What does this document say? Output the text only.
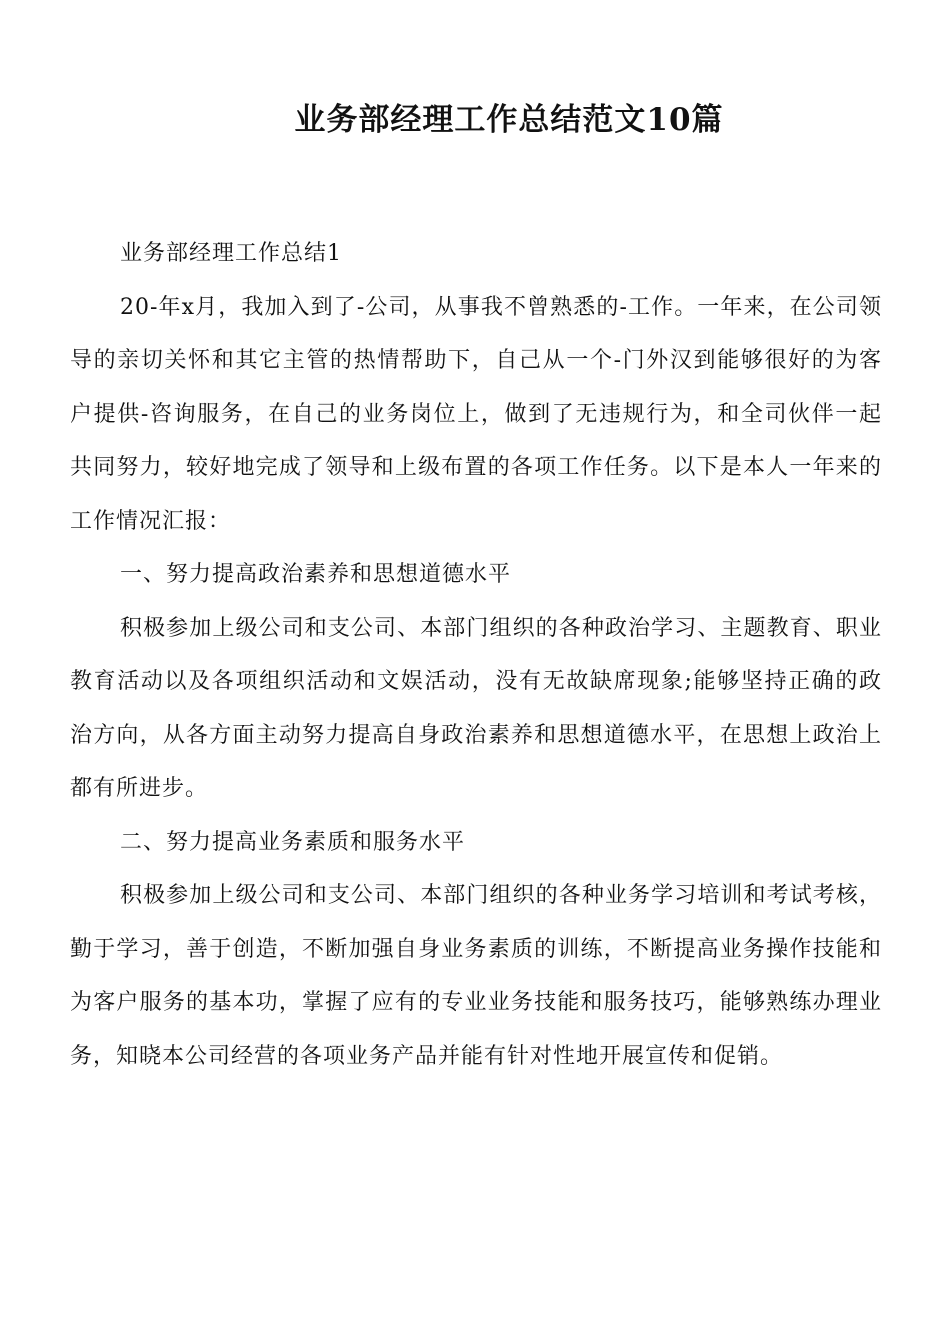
业务部经理工作总结范文10篇

业务部经理工作总结1

20-年x月，我加入到了-公司，从事我不曾熟悉的-工作。一年来，在公司领导的亲切关怀和其它主管的热情帮助下，自己从一个-门外汉到能够很好的为客户提供-咨询服务，在自己的业务岗位上，做到了无违规行为，和全司伙伴一起共同努力，较好地完成了领导和上级布置的各项工作任务。以下是本人一年来的工作情况汇报：

一、努力提高政治素养和思想道德水平

积极参加上级公司和支公司、本部门组织的各种政治学习、主题教育、职业教育活动以及各项组织活动和文娱活动，没有无故缺席现象;能够坚持正确的政治方向，从各方面主动努力提高自身政治素养和思想道德水平，在思想上政治上都有所进步。

二、努力提高业务素质和服务水平

积极参加上级公司和支公司、本部门组织的各种业务学习培训和考试考核，勤于学习，善于创造，不断加强自身业务素质的训练，不断提高业务操作技能和为客户服务的基本功，掌握了应有的专业业务技能和服务技巧，能够熟练办理业务，知晓本公司经营的各项业务产品并能有针对性地开展宣传和促销。
